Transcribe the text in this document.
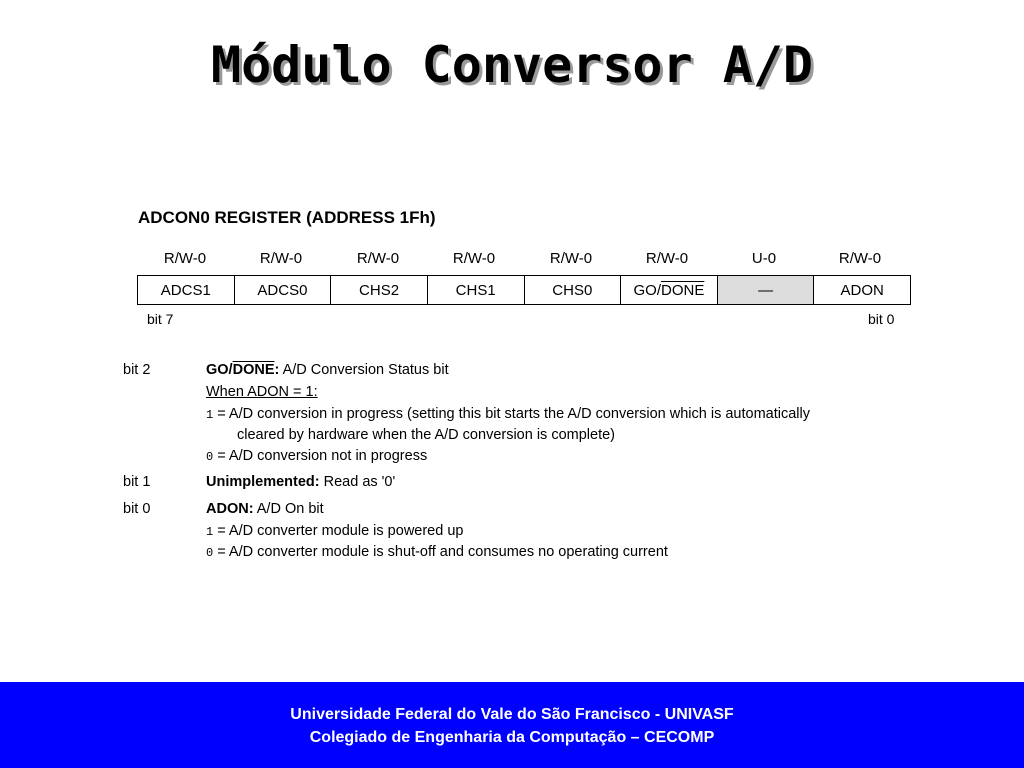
Módulo Conversor A/D
ADCON0 REGISTER (ADDRESS 1Fh)
R/W-0	R/W-0	R/W-0	R/W-0	R/W-0	R/W-0	U-0	R/W-0
ADCS1	ADCS0	CHS2	CHS1	CHS0	GO/DONE	—	ADON
bit 7	bit 0
bit 2	GO/DONE: A/D Conversion Status bit
When ADON = 1:
1 = A/D conversion in progress (setting this bit starts the A/D conversion which is automatically
cleared by hardware when the A/D conversion is complete)
0 = A/D conversion not in progress
bit 1	Unimplemented: Read as '0'
bit 0	ADON: A/D On bit
1 = A/D converter module is powered up
0 = A/D converter module is shut-off and consumes no operating current
Universidade Federal do Vale do São Francisco - UNIVASF
Colegiado de Engenharia da Computação – CECOMP
